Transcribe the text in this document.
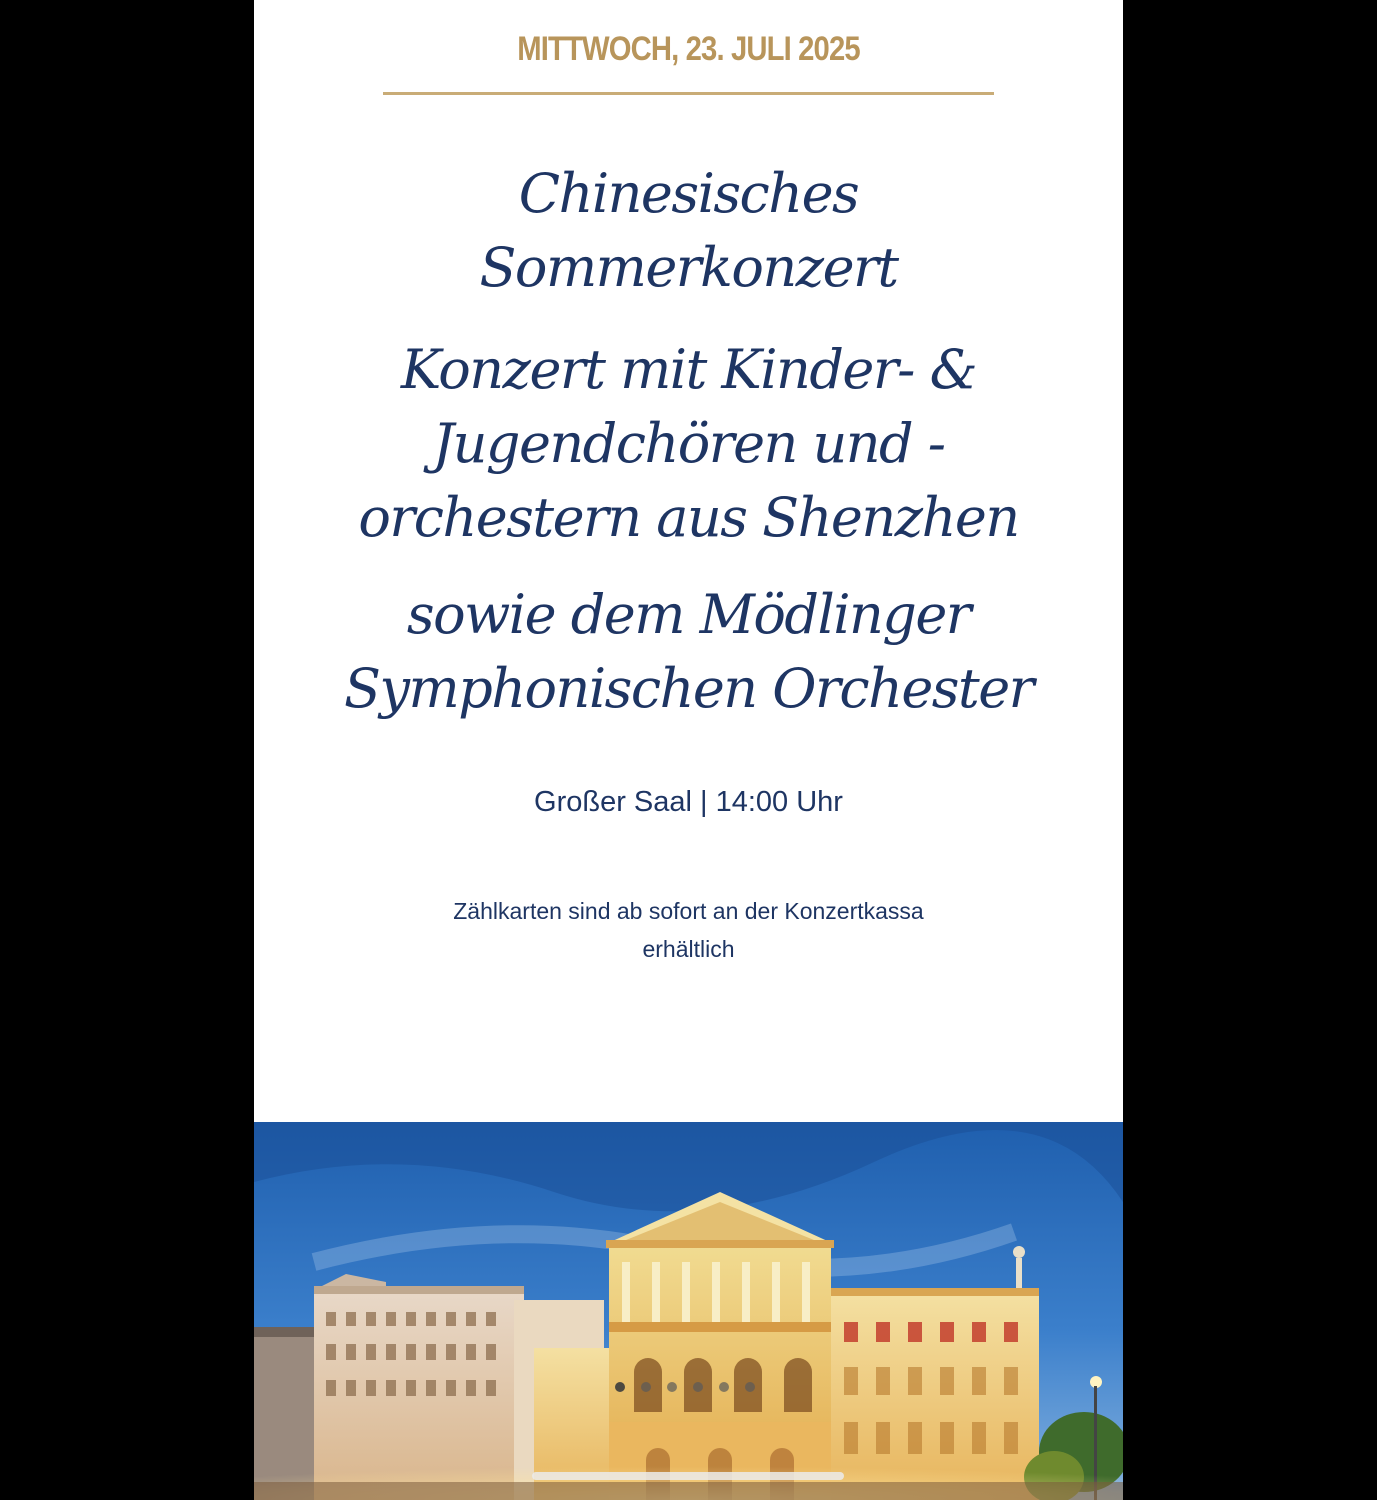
MITTWOCH, 23. JULI 2025
Chinesisches
Sommerkonzert
Konzert mit Kinder- &
Jugendchören und -
orchestern aus Shenzhen
sowie dem Mödlinger
Symphonischen Orchester
Großer Saal | 14:00 Uhr
Zählkarten sind ab sofort an der Konzertkassa
erhältlich
